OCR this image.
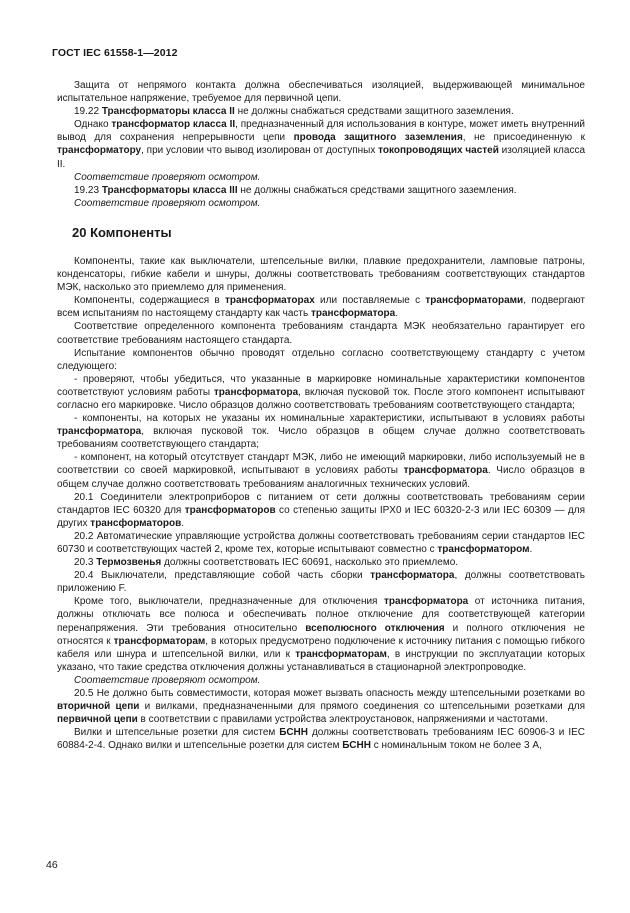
ГОСТ IEC 61558-1—2012

Защита от непрямого контакта должна обеспечиваться изоляцией, выдерживающей минимальное испытательное напряжение, требуемое для первичной цепи.

19.22 Трансформаторы класса II не должны снабжаться средствами защитного заземления.

Однако трансформатор класса II, предназначенный для использования в контуре, может иметь внутренний вывод для сохранения непрерывности цепи провода защитного заземления, не присоединенную к трансформатору, при условии что вывод изолирован от доступных токопроводящих частей изоляцией класса II.

Соответствие проверяют осмотром.

19.23 Трансформаторы класса III не должны снабжаться средствами защитного заземления.

Соответствие проверяют осмотром.

20 Компоненты

Компоненты, такие как выключатели, штепсельные вилки, плавкие предохранители, ламповые патроны, конденсаторы, гибкие кабели и шнуры, должны соответствовать требованиям соответствующих стандартов МЭК, насколько это приемлемо для применения.

Компоненты, содержащиеся в трансформаторах или поставляемые с трансформаторами, подвергают всем испытаниям по настоящему стандарту как часть трансформатора.

Соответствие определенного компонента требованиям стандарта МЭК необязательно гарантирует его соответствие требованиям настоящего стандарта.

Испытание компонентов обычно проводят отдельно согласно соответствующему стандарту с учетом следующего:

- проверяют, чтобы убедиться, что указанные в маркировке номинальные характеристики компонентов соответствуют условиям работы трансформатора, включая пусковой ток. После этого компонент испытывают согласно его маркировке. Число образцов должно соответствовать требованиям соответствующего стандарта;

- компоненты, на которых не указаны их номинальные характеристики, испытывают в условиях работы трансформатора, включая пусковой ток. Число образцов в общем случае должно соответствовать требованиям соответствующего стандарта;

- компонент, на который отсутствует стандарт МЭК, либо не имеющий маркировки, либо используемый не в соответствии со своей маркировкой, испытывают в условиях работы трансформатора. Число образцов в общем случае должно соответствовать требованиям аналогичных технических условий.

20.1 Соединители электроприборов с питанием от сети должны соответствовать требованиям серии стандартов IEC 60320 для трансформаторов со степенью защиты IPX0 и IEC 60320-2-3 или IEC 60309 — для других трансформаторов.

20.2 Автоматические управляющие устройства должны соответствовать требованиям серии стандартов IEC 60730 и соответствующих частей 2, кроме тех, которые испытывают совместно с трансформатором.

20.3 Термозвенья должны соответствовать IEC 60691, насколько это приемлемо.

20.4 Выключатели, представляющие собой часть сборки трансформатора, должны соответствовать приложению F.

Кроме того, выключатели, предназначенные для отключения трансформатора от источника питания, должны отключать все полюса и обеспечивать полное отключение для соответствующей категории перенапряжения. Эти требования относительно всеполюсного отключения и полного отключения не относятся к трансформаторам, в которых предусмотрено подключение к источнику питания с помощью гибкого кабеля или шнура и штепсельной вилки, или к трансформаторам, в инструкции по эксплуатации которых указано, что такие средства отключения должны устанавливаться в стационарной электропроводке.

Соответствие проверяют осмотром.

20.5 Не должно быть совместимости, которая может вызвать опасность между штепсельными розетками во вторичной цепи и вилками, предназначенными для прямого соединения со штепсельными розетками для первичной цепи в соответствии с правилами устройства электроустановок, напряжениями и частотами.

Вилки и штепсельные розетки для систем БСНН должны соответствовать требованиям IEC 60906-3 и IEC 60884-2-4. Однако вилки и штепсельные розетки для систем БСНН с номинальным током не более 3 А,

46
